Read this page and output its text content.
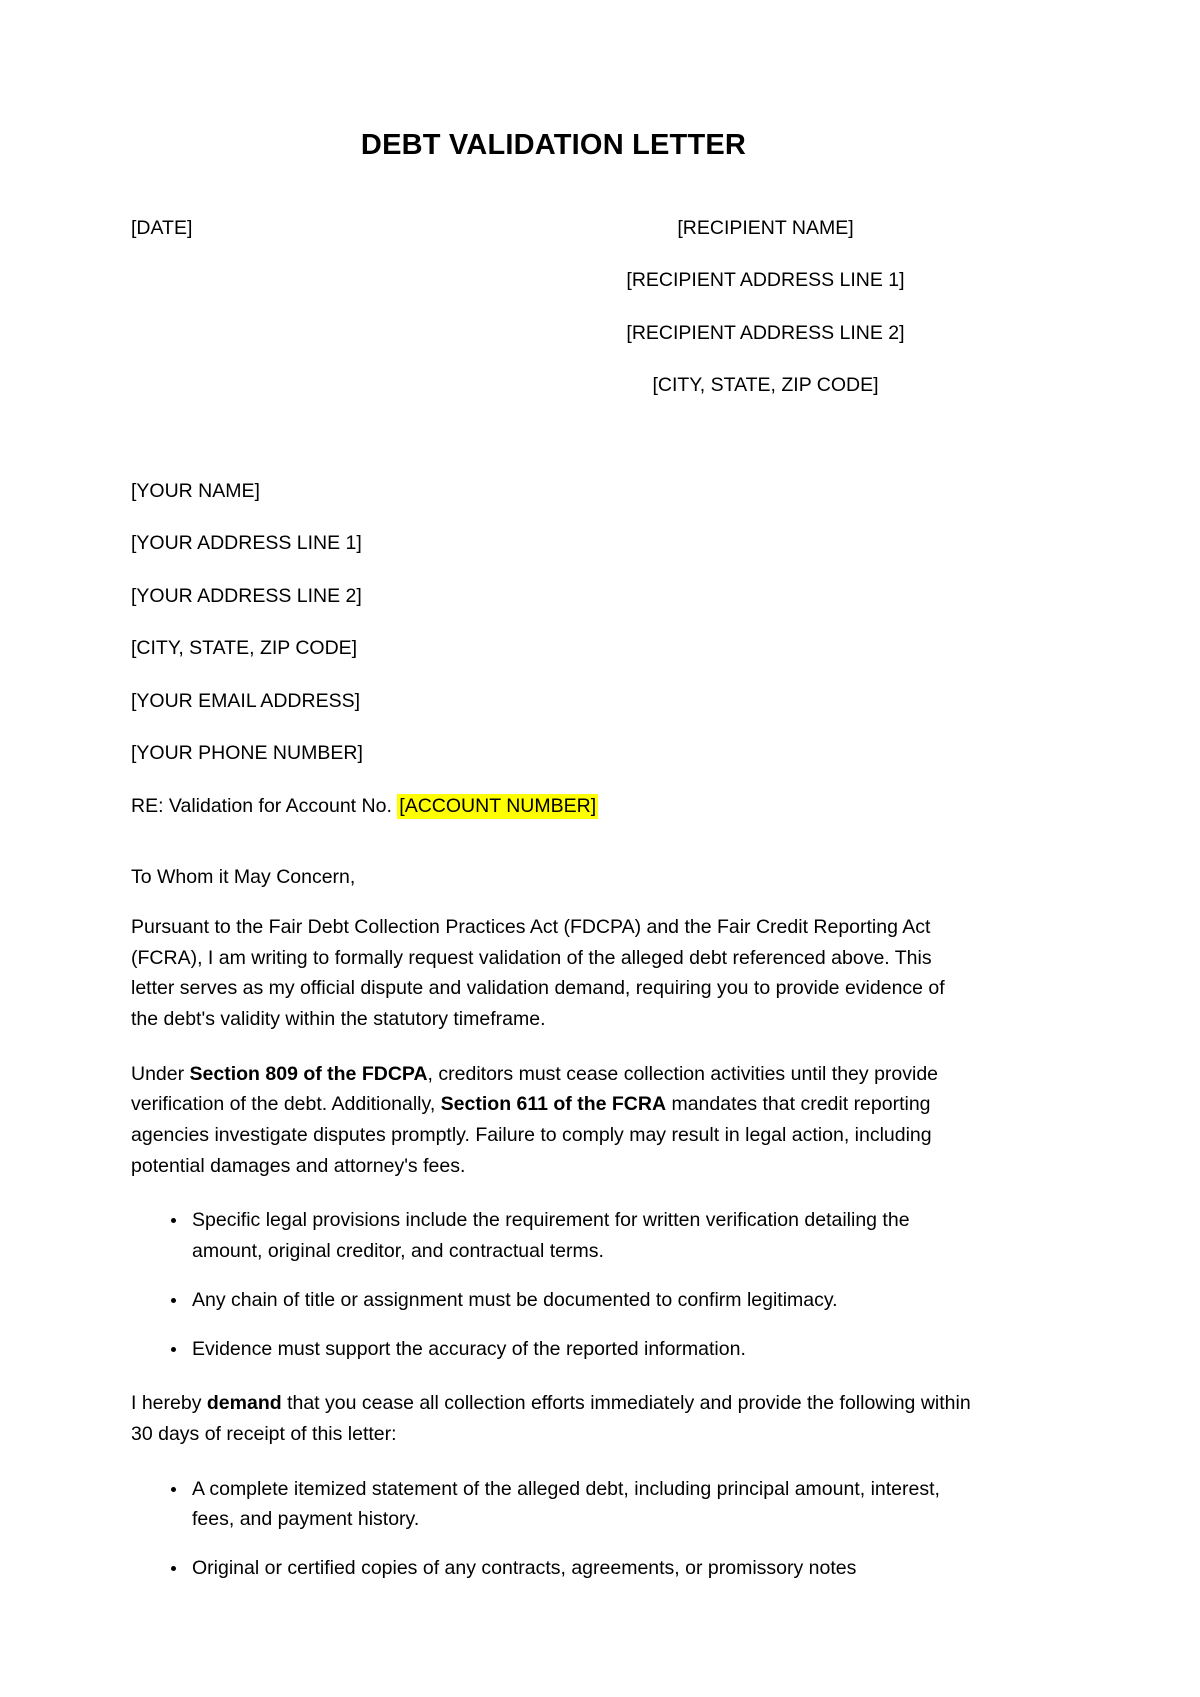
DEBT VALIDATION LETTER
[DATE]	[RECIPIENT NAME]
[RECIPIENT ADDRESS LINE 1]
[RECIPIENT ADDRESS LINE 2]
[CITY, STATE, ZIP CODE]
[YOUR NAME]
[YOUR ADDRESS LINE 1]
[YOUR ADDRESS LINE 2]
[CITY, STATE, ZIP CODE]
[YOUR EMAIL ADDRESS]
[YOUR PHONE NUMBER]
RE: Validation for Account No. [ACCOUNT NUMBER]
To Whom it May Concern,

Pursuant to the Fair Debt Collection Practices Act (FDCPA) and the Fair Credit Reporting Act (FCRA), I am writing to formally request validation of the alleged debt referenced above. This letter serves as my official dispute and validation demand, requiring you to provide evidence of the debt's validity within the statutory timeframe.

Under Section 809 of the FDCPA, creditors must cease collection activities until they provide verification of the debt. Additionally, Section 611 of the FCRA mandates that credit reporting agencies investigate disputes promptly. Failure to comply may result in legal action, including potential damages and attorney's fees.

Specific legal provisions include the requirement for written verification detailing the amount, original creditor, and contractual terms.
Any chain of title or assignment must be documented to confirm legitimacy.
Evidence must support the accuracy of the reported information.

I hereby demand that you cease all collection efforts immediately and provide the following within 30 days of receipt of this letter:

A complete itemized statement of the alleged debt, including principal amount, interest, fees, and payment history.
Original or certified copies of any contracts, agreements, or promissory notes
